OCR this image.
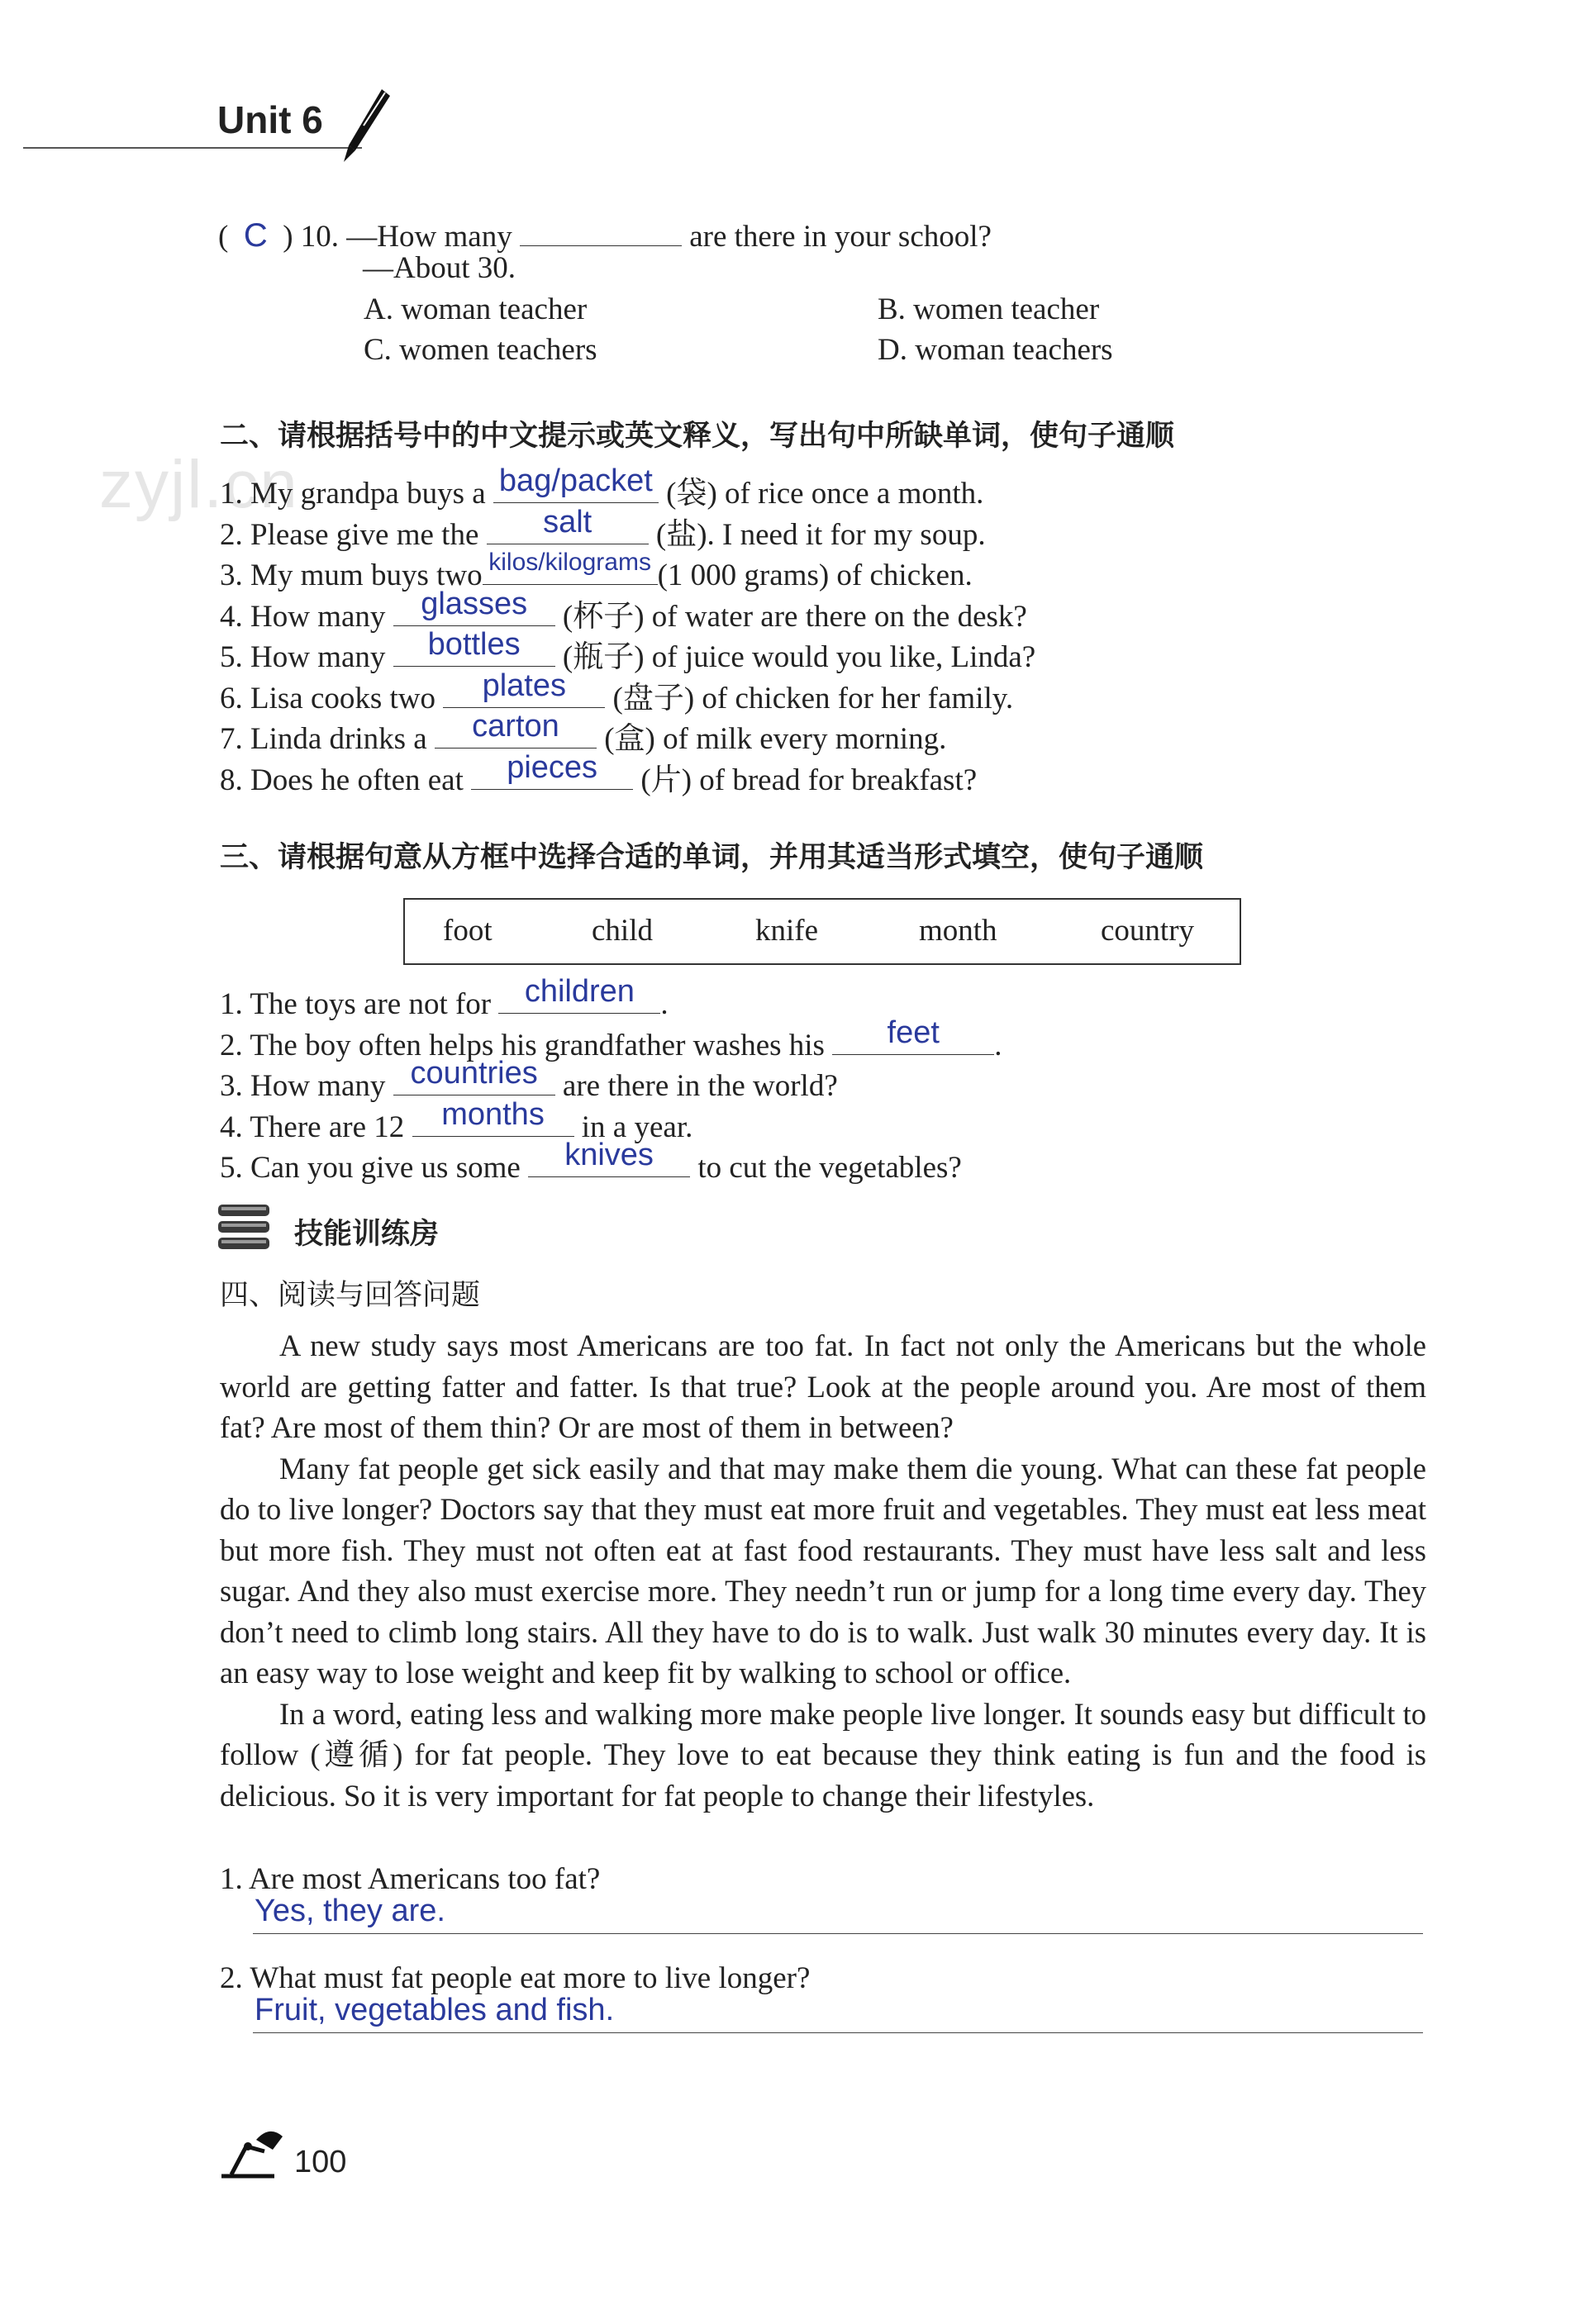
Unit 6
zyjl.cn
( C ) 10. —How many	are there in your school?
—About 30.
A. woman teacher	B. women teacher
C. women teachers	D. woman teachers
二、请根据括号中的中文提示或英文释义，写出句中所缺单词，使句子通顺
1. My grandpa buys a bag/packet (袋) of rice once a month.
2. Please give me the	salt	(盐). I need it for my soup.
3. My mum buys two kilos/kilograms (1 000 grams) of chicken.
4. How many	glasses	(杯子) of water are there on the desk?
5. How many	bottles	(瓶子) of juice would you like, Linda?
6. Lisa cooks two	plates	(盘子) of chicken for her family.
7. Linda drinks a	carton	(盒) of milk every morning.
8. Does he often eat	pieces	(片) of bread for breakfast?
三、请根据句意从方框中选择合适的单词，并用其适当形式填空，使句子通顺
foot	child	knife	month	country
1. The toys are not for	children .
2. The boy often helps his grandfather washes his	feet	.
3. How many countries are there in the world?
4. There are 12	months	in a year.
5. Can you give us some	knives	to cut the vegetables?
技能训练房
四、阅读与回答问题

A new study says most Americans are too fat. In fact not only the Americans but the whole world are getting fatter and fatter. Is that true? Look at the people around you. Are most of them fat? Are most of them thin? Or are most of them in between?

Many fat people get sick easily and that may make them die young. What can these fat people do to live longer? Doctors say that they must eat more fruit and vegetables. They must eat less meat but more fish. They must not often eat at fast food restaurants. They must have less salt and less sugar. And they also must exercise more. They needn’t run or jump for a long time every day. They don’t need to climb long stairs. All they have to do is to walk. Just walk 30 minutes every day. It is an easy way to lose weight and keep fit by walking to school or office.

In a word, eating less and walking more make people live longer. It sounds easy but difficult to follow (遵循) for fat people. They love to eat because they think eating is fun and the food is delicious. So it is very important for fat people to change their lifestyles.

1. Are most Americans too fat?
Yes, they are.
2. What must fat people eat more to live longer?
Fruit, vegetables and fish.
100
